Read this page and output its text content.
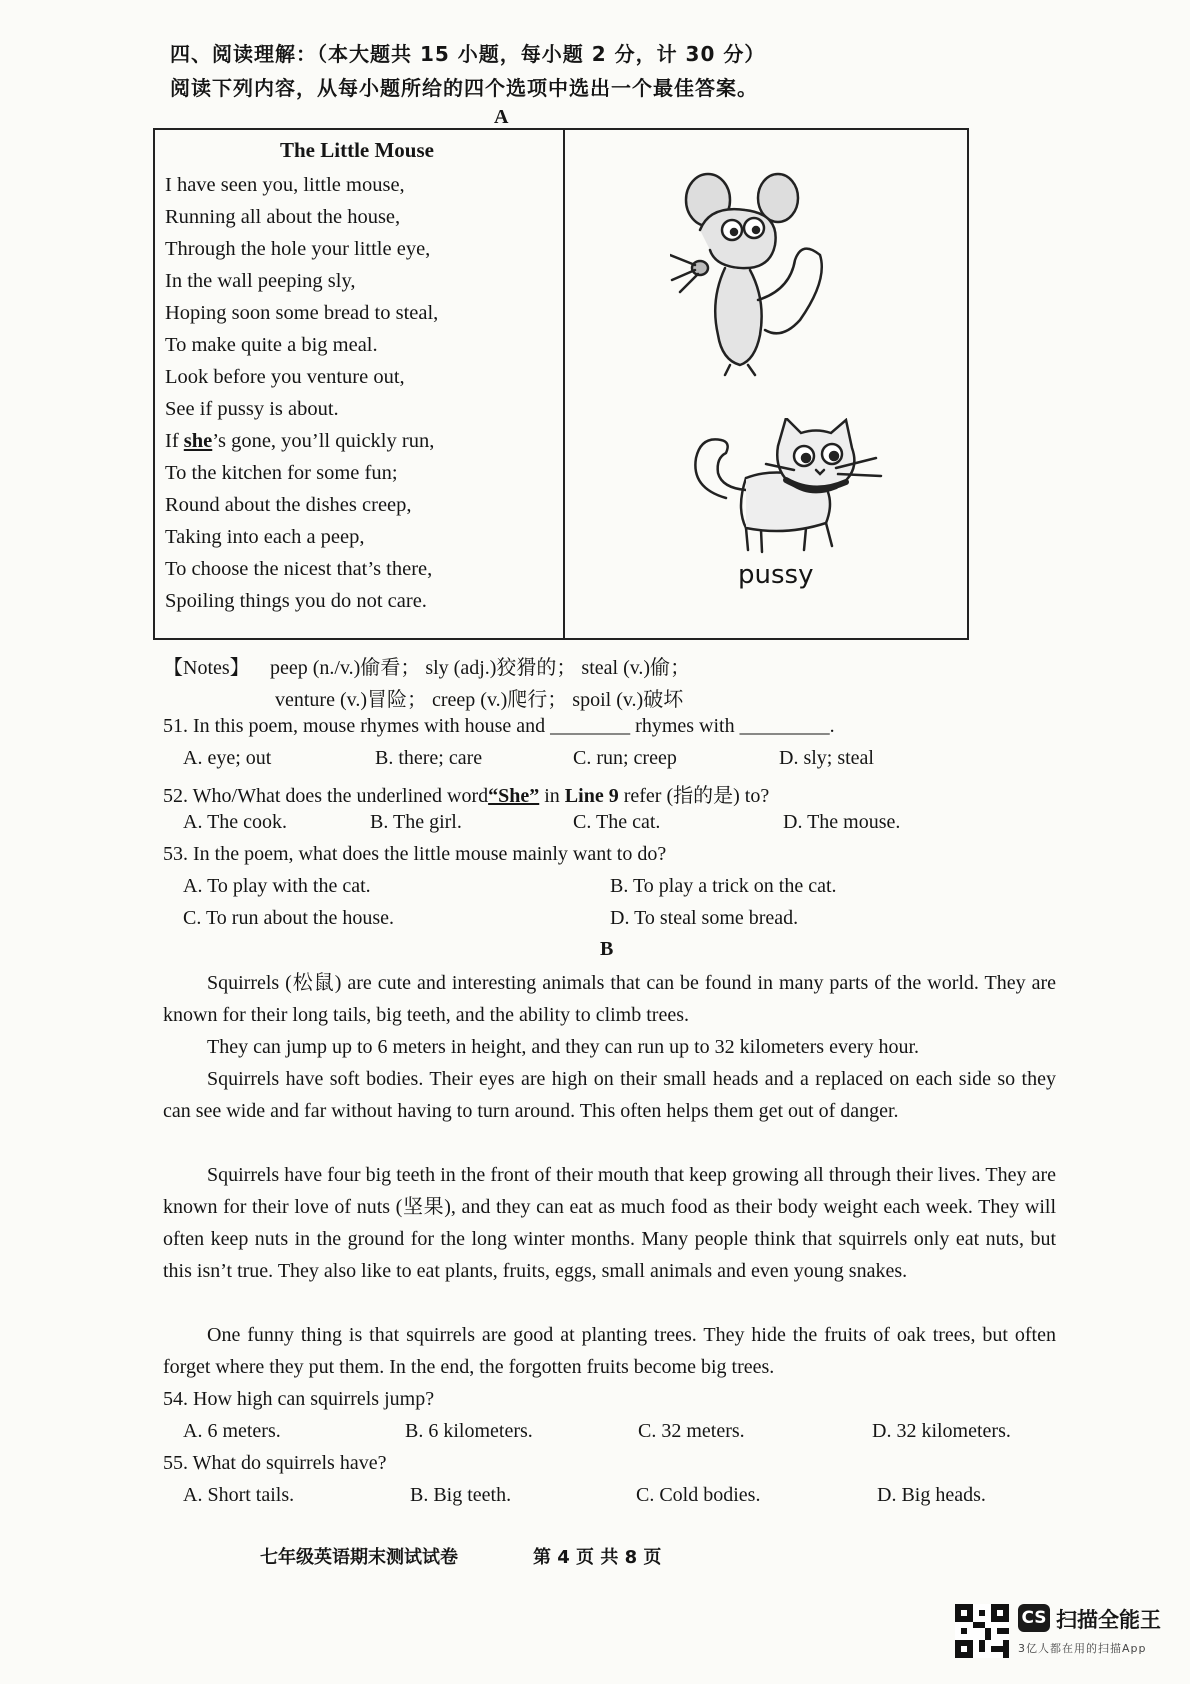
四、阅读理解：（本大题共 15 小题，每小题 2 分，计 30 分）
阅读下列内容，从每小题所给的四个选项中选出一个最佳答案。
A
The Little Mouse
I have seen you, little mouse,
Running all about the house,
Through the hole your little eye,
In the wall peeping sly,
Hoping soon some bread to steal,
To make quite a big meal.
Look before you venture out,
See if pussy is about.
If she’s gone, you’ll quickly run,
To the kitchen for some fun;
Round about the dishes creep,
Taking into each a peep,
To choose the nicest that’s there,
Spoiling things you do not care.
pussy
【Notes】 peep (n./v.)偷看； sly (adj.)狡猾的； steal (v.)偷；
venture (v.)冒险； creep (v.)爬行； spoil (v.)破坏
51. In this poem, mouse rhymes with house and ________ rhymes with _________.
A. eye; out	B. there; care	C. run; creep	D. sly; steal
52. Who/What does the underlined word“She” in Line 9 refer (指的是) to?
A. The cook.	B. The girl.	C. The cat.	D. The mouse.
53. In the poem, what does the little mouse mainly want to do?
A. To play with the cat.	B. To play a trick on the cat.
C. To run about the house.	D. To steal some bread.
B
Squirrels (松鼠) are cute and interesting animals that can be found in many parts of the world. They are known for their long tails, big teeth, and the ability to climb trees.
They can jump up to 6 meters in height, and they can run up to 32 kilometers every hour.
Squirrels have soft bodies. Their eyes are high on their small heads and a replaced on each side so they can see wide and far without having to turn around. This often helps them get out of danger.
Squirrels have four big teeth in the front of their mouth that keep growing all through their lives. They are known for their love of nuts (坚果), and they can eat as much food as their body weight each week. They will often keep nuts in the ground for the long winter months. Many people think that squirrels only eat nuts, but this isn’t true. They also like to eat plants, fruits, eggs, small animals and even young snakes.
One funny thing is that squirrels are good at planting trees. They hide the fruits of oak trees, but often forget where they put them. In the end, the forgotten fruits become big trees.
54. How high can squirrels jump?
A. 6 meters.	B. 6 kilometers.	C. 32 meters.	D. 32 kilometers.
55. What do squirrels have?
A. Short tails.	B. Big teeth.	C. Cold bodies.	D. Big heads.
七年级英语期末测试试卷	第 4 页 共 8 页
CS 扫描全能王
3亿人都在用的扫描App
